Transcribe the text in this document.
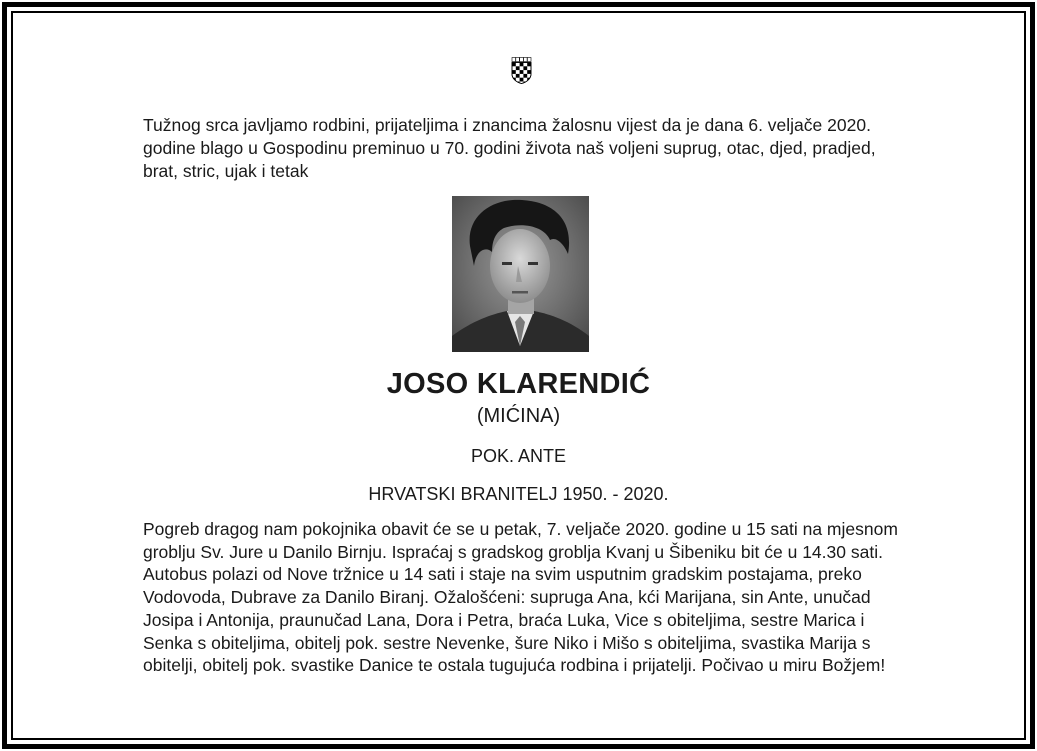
Tužnog srca javljamo rodbini, prijateljima i znancima žalosnu vijest da je dana 6. veljače 2020. godine blago u Gospodinu preminuo u 70. godini života naš voljeni suprug, otac, djed, pradjed, brat, stric, ujak i tetak

JOSO KLARENDIĆ
(MIĆINA)
POK. ANTE
HRVATSKI BRANITELJ 1950. - 2020.

Pogreb dragog nam pokojnika obavit će se u petak, 7. veljače 2020. godine u 15 sati na mjesnom groblju Sv. Jure u Danilo Birnju. Ispraćaj s gradskog groblja Kvanj u Šibeniku bit će u 14.30 sati. Autobus polazi od Nove tržnice u 14 sati i staje na svim usputnim gradskim postajama, preko Vodovoda, Dubrave za Danilo Biranj. Ožalošćeni: supruga Ana, kći Marijana, sin Ante, unučad Josipa i Antonija, praunučad Lana, Dora i Petra, braća Luka, Vice s obiteljima, sestre Marica i Senka s obiteljima, obitelj pok. sestre Nevenke, šure Niko i Mišo s obiteljima, svastika Marija s obitelji, obitelj pok. svastike Danice te ostala tugujuća rodbina i prijatelji. Počivao u miru Božjem!
